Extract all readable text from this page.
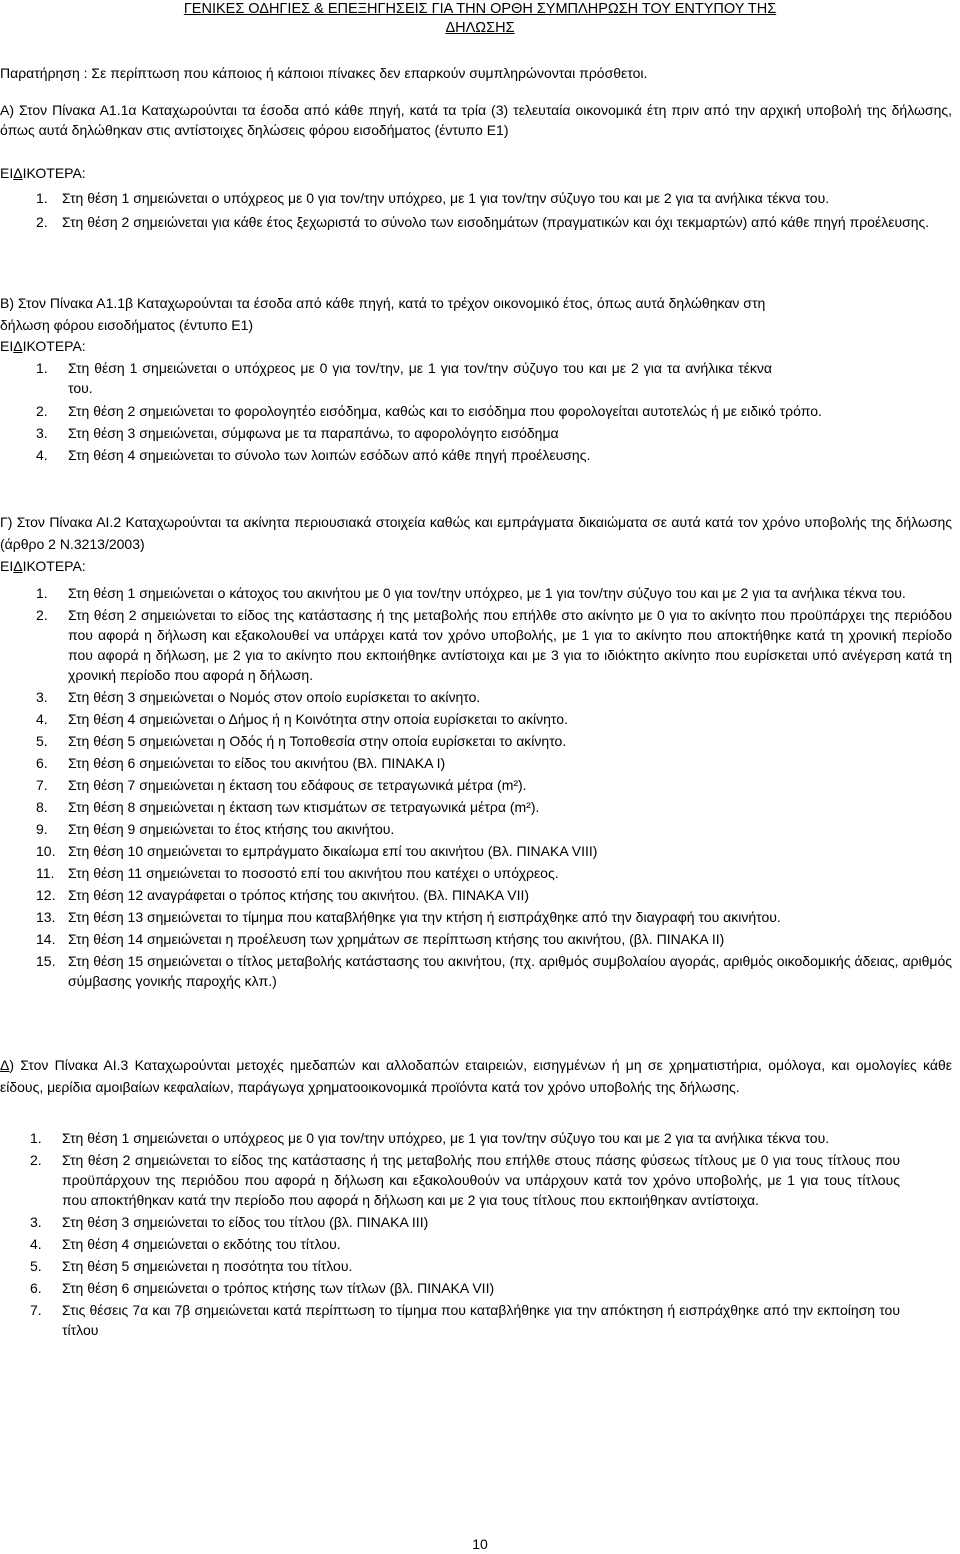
ΓΕΝΙΚΕΣ ΟΔΗΓΙΕΣ & ΕΠΕΞΗΓΗΣΕΙΣ ΓΙΑ ΤΗΝ ΟΡΘΗ ΣΥΜΠΛΗΡΩΣΗ ΤΟΥ ΕΝΤΥΠΟΥ ΤΗΣ
ΔΗΛΩΣΗΣ

Παρατήρηση : Σε περίπτωση που κάποιος ή κάποιοι πίνακες δεν επαρκούν συμπληρώνονται πρόσθετοι.

Α) Στον Πίνακα Α1.1α Καταχωρούνται τα έσοδα από κάθε πηγή, κατά τα τρία (3) τελευταία οικονομικά έτη πριν από την αρχική υποβολή της δήλωσης, όπως αυτά δηλώθηκαν στις αντίστοιχες δηλώσεις φόρου εισοδήματος (έντυπο Ε1)

ΕΙΔΙΚΟΤΕΡΑ:

1. Στη θέση 1 σημειώνεται ο υπόχρεος με 0 για τον/την υπόχρεο, με 1 για τον/την σύζυγο του και με 2 για τα ανήλικα τέκνα του.
2. Στη θέση 2 σημειώνεται για κάθε έτος ξεχωριστά το σύνολο των εισοδημάτων (πραγματικών και όχι τεκμαρτών) από κάθε πηγή προέλευσης.

Β) Στον Πίνακα Α1.1β Καταχωρούνται τα έσοδα από κάθε πηγή, κατά το τρέχον οικονομικό έτος, όπως αυτά δηλώθηκαν στη δήλωση φόρου εισοδήματος (έντυπο Ε1)

ΕΙΔΙΚΟΤΕΡΑ:

1. Στη θέση 1 σημειώνεται ο υπόχρεος με 0 για τον/την, με 1 για τον/την σύζυγο του και με 2 για τα ανήλικα τέκνα του.
2. Στη θέση 2 σημειώνεται το φορολογητέο εισόδημα, καθώς και το εισόδημα που φορολογείται αυτοτελώς ή με ειδικό τρόπο.
3. Στη θέση 3 σημειώνεται, σύμφωνα με τα παραπάνω, το αφορολόγητο εισόδημα
4. Στη θέση 4 σημειώνεται το σύνολο των λοιπών εσόδων από κάθε πηγή προέλευσης.

Γ) Στον Πίνακα ΑΙ.2 Καταχωρούνται τα ακίνητα περιουσιακά στοιχεία καθώς και εμπράγματα δικαιώματα σε αυτά κατά τον χρόνο υποβολής της δήλωσης (άρθρο 2 Ν.3213/2003)

ΕΙΔΙΚΟΤΕΡΑ:

1. Στη θέση 1 σημειώνεται ο κάτοχος του ακινήτου με 0 για τον/την υπόχρεο, με 1 για τον/την σύζυγο του και με 2 για τα ανήλικα τέκνα του.
2. Στη θέση 2 σημειώνεται το είδος της κατάστασης ή της μεταβολής που επήλθε στο ακίνητο με 0 για το ακίνητο που προϋπάρχει της περιόδου που αφορά η δήλωση και εξακολουθεί να υπάρχει κατά τον χρόνο υποβολής, με 1 για το ακίνητο που αποκτήθηκε κατά τη χρονική περίοδο που αφορά η δήλωση, με 2 για το ακίνητο που εκποιήθηκε αντίστοιχα και με 3 για το ιδιόκτητο ακίνητο που ευρίσκεται υπό ανέγερση κατά τη χρονική περίοδο που αφορά η δήλωση.
3. Στη θέση 3 σημειώνεται ο Νομός στον οποίο ευρίσκεται το ακίνητο.
4. Στη θέση 4 σημειώνεται ο Δήμος ή η Κοινότητα στην οποία ευρίσκεται το ακίνητο.
5. Στη θέση 5 σημειώνεται η Οδός ή η Τοποθεσία στην οποία ευρίσκεται το ακίνητο.
6. Στη θέση 6 σημειώνεται το είδος του ακινήτου (Βλ. ΠΙΝΑΚΑ Ι)
7. Στη θέση 7 σημειώνεται η έκταση του εδάφους σε τετραγωνικά μέτρα (m²).
8. Στη θέση 8 σημειώνεται η έκταση των κτισμάτων σε τετραγωνικά μέτρα (m²).
9. Στη θέση 9 σημειώνεται το έτος κτήσης του ακινήτου.
10. Στη θέση 10 σημειώνεται το εμπράγματο δικαίωμα επί του ακινήτου (Βλ. ΠΙΝΑΚΑ VIII)
11. Στη θέση 11 σημειώνεται το ποσοστό επί του ακινήτου που κατέχει ο υπόχρεος.
12. Στη θέση 12 αναγράφεται ο τρόπος κτήσης του ακινήτου. (Βλ. ΠΙΝΑΚΑ VII)
13. Στη θέση 13 σημειώνεται το τίμημα που καταβλήθηκε για την κτήση ή εισπράχθηκε από την διαγραφή του ακινήτου.
14. Στη θέση 14 σημειώνεται η προέλευση των χρημάτων σε περίπτωση κτήσης του ακινήτου, (βλ. ΠΙΝΑΚΑ II)
15. Στη θέση 15 σημειώνεται ο τίτλος μεταβολής κατάστασης του ακινήτου, (πχ. αριθμός συμβολαίου αγοράς, αριθμός οικοδομικής άδειας, αριθμός σύμβασης γονικής παροχής κλπ.)

Δ) Στον Πίνακα ΑΙ.3 Καταχωρούνται μετοχές ημεδαπών και αλλοδαπών εταιρειών, εισηγμένων ή μη σε χρηματιστήρια, ομόλογα, και ομολογίες κάθε είδους, μερίδια αμοιβαίων κεφαλαίων, παράγωγα χρηματοοικονομικά προϊόντα κατά τον χρόνο υποβολής της δήλωσης.

1. Στη θέση 1 σημειώνεται ο υπόχρεος με 0 για τον/την υπόχρεο, με 1 για τον/την σύζυγο του και με 2 για τα ανήλικα τέκνα του.
2. Στη θέση 2 σημειώνεται το είδος της κατάστασης ή της μεταβολής που επήλθε στους πάσης φύσεως τίτλους με 0 για τους τίτλους που προϋπάρχουν της περιόδου που αφορά η δήλωση και εξακολουθούν να υπάρχουν κατά τον χρόνο υποβολής, με 1 για τους τίτλους που αποκτήθηκαν κατά την περίοδο που αφορά η δήλωση και με 2 για τους τίτλους που εκποιήθηκαν αντίστοιχα.
3. Στη θέση 3 σημειώνεται το είδος του τίτλου (βλ. ΠΙΝΑΚΑ III)
4. Στη θέση 4 σημειώνεται ο εκδότης του τίτλου.
5. Στη θέση 5 σημειώνεται η ποσότητα του τίτλου.
6. Στη θέση 6 σημειώνεται ο τρόπος κτήσης των τίτλων (βλ. ΠΙΝΑΚΑ VII)
7. Στις θέσεις 7α και 7β σημειώνεται κατά περίπτωση το τίμημα που καταβλήθηκε για την απόκτηση ή εισπράχθηκε από την εκποίηση του τίτλου
10
